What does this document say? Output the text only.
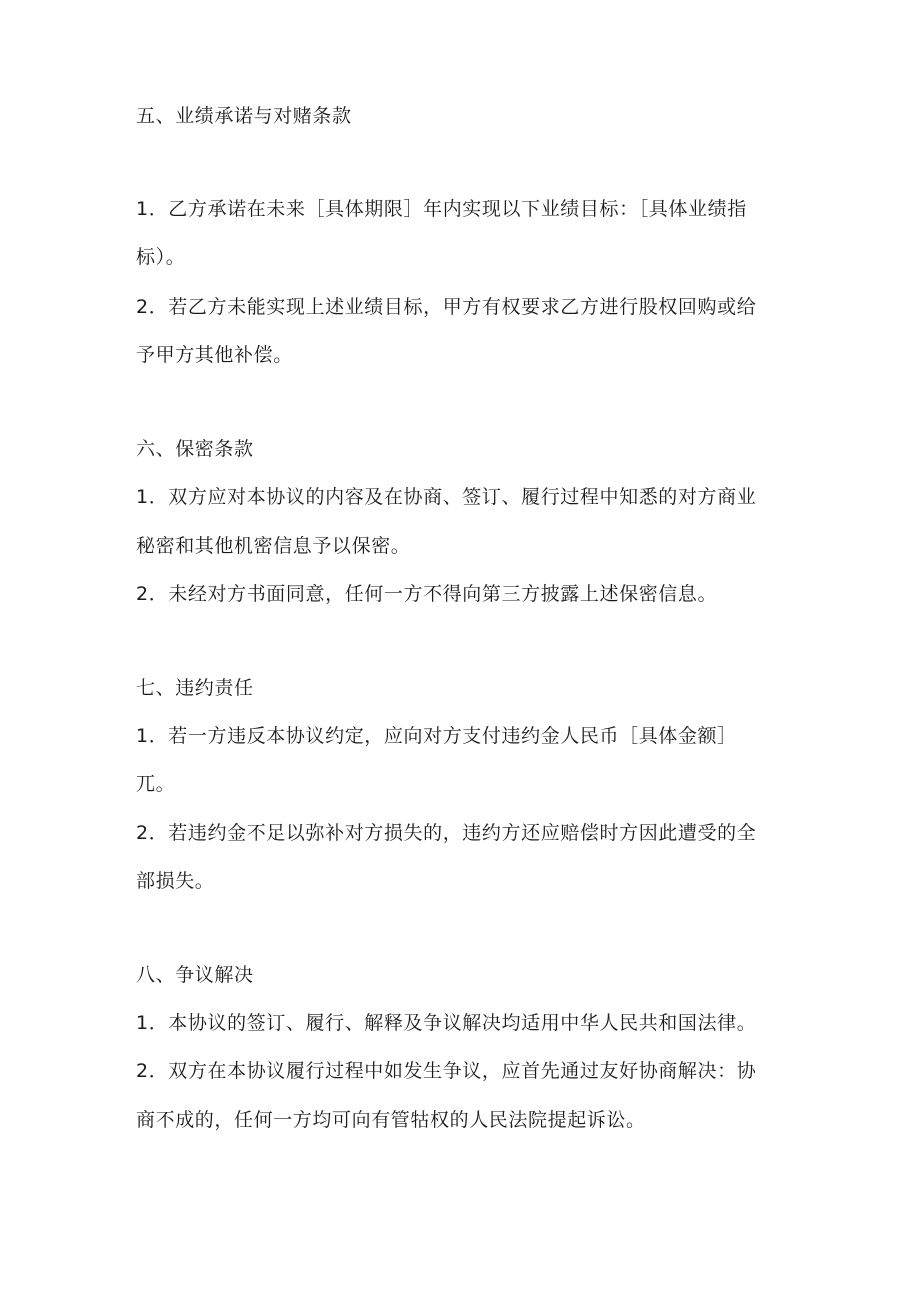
五、业绩承诺与对赌条款
1．乙方承诺在未来［具体期限］年内实现以下业绩目标：［具体业绩指
标）。
2．若乙方未能实现上述业绩目标，甲方有权要求乙方进行股权回购或给
予甲方其他补偿。
六、保密条款
1．双方应对本协议的内容及在协商、签订、履行过程中知悉的对方商业
秘密和其他机密信息予以保密。
2．未经对方书面同意，任何一方不得向第三方披露上述保密信息。
七、违约责任
1．若一方违反本协议约定，应向对方支付违约金人民币［具体金额］
兀。
2．若违约金不足以弥补对方损失的，违约方还应赔偿时方因此遭受的全
部损失。
八、争议解决
1．本协议的签订、履行、解释及争议解决均适用中华人民共和国法律。
2．双方在本协议履行过程中如发生争议，应首先通过友好协商解决：协
商不成的，任何一方均可向有管牯权的人民法院提起诉讼。
